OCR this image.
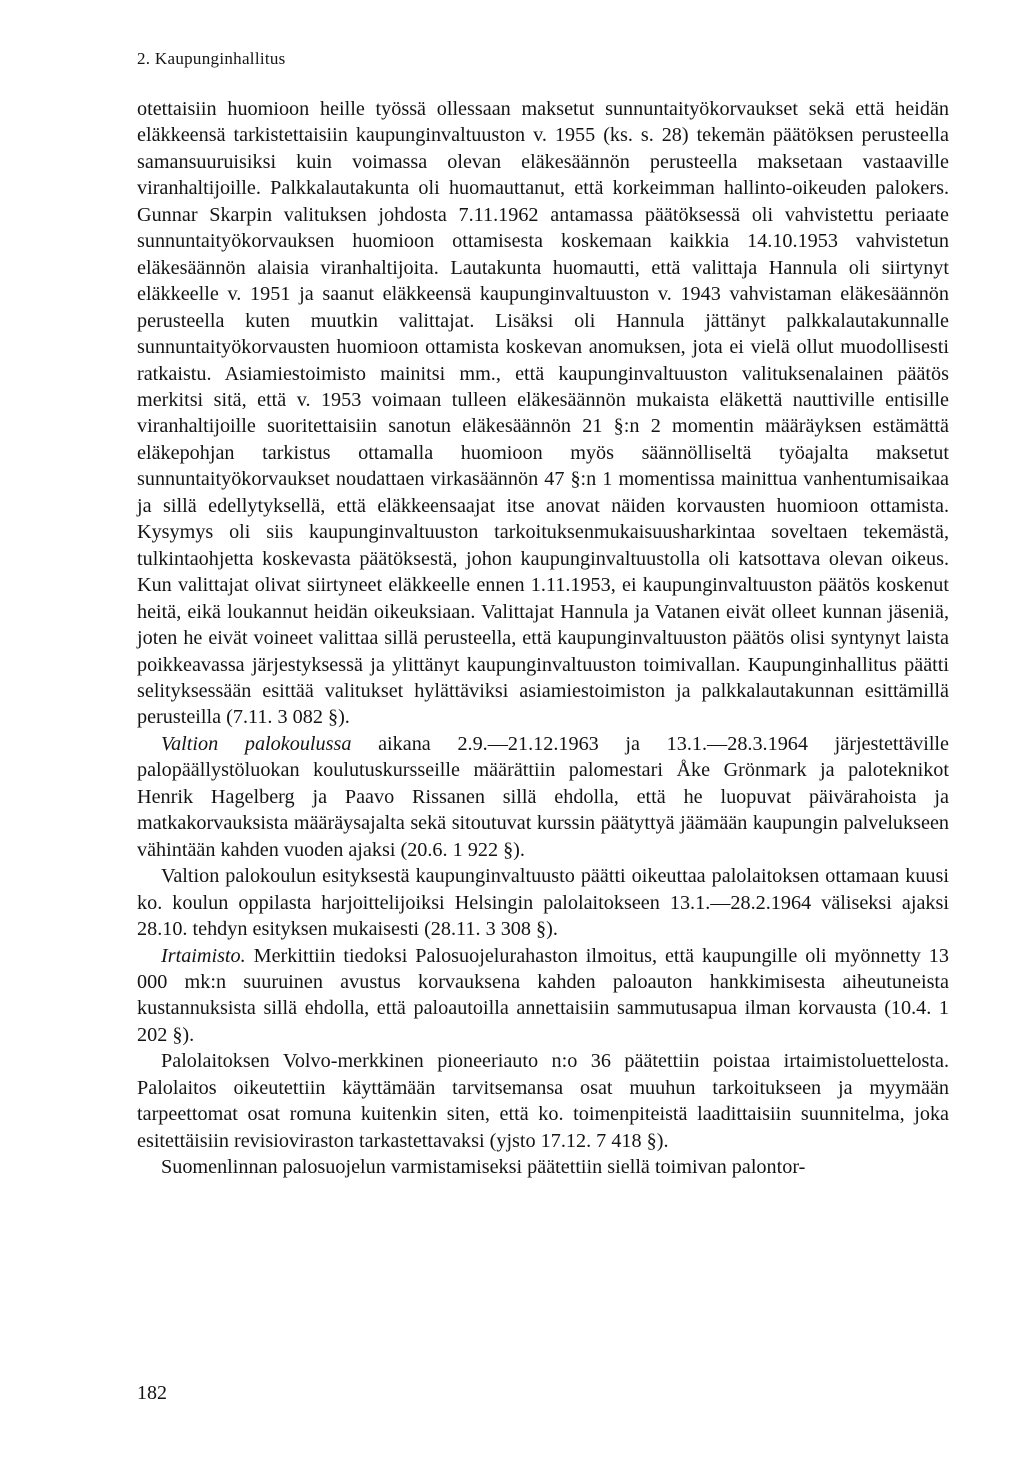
2. Kaupunginhallitus

otettaisiin huomioon heille työssä ollessaan maksetut sunnuntaityökorvaukset sekä että heidän eläkkeensä tarkistettaisiin kaupunginvaltuuston v. 1955 (ks. s. 28) tekemän päätöksen perusteella samansuuruisiksi kuin voimassa olevan eläkesäännön perusteella maksetaan vastaaville viranhaltijoille. Palkkalautakunta oli huomauttanut, että korkeimman hallinto-oikeuden palokers. Gunnar Skarpin valituksen johdosta 7.11.1962 antamassa päätöksessä oli vahvistettu periaate sunnuntaityökorvauksen huomioon ottamisesta koskemaan kaikkia 14.10.1953 vahvistetun eläkesäännön alaisia viranhaltijoita. Lautakunta huomautti, että valittaja Hannula oli siirtynyt eläkkeelle v. 1951 ja saanut eläkkeensä kaupunginvaltuuston v. 1943 vahvistaman eläkesäännön perusteella kuten muutkin valittajat. Lisäksi oli Hannula jättänyt palkkalautakunnalle sunnuntaityökorvausten huomioon ottamista koskevan anomuksen, jota ei vielä ollut muodollisesti ratkaistu. Asiamiestoimisto mainitsi mm., että kaupunginvaltuuston valituksenalainen päätös merkitsi sitä, että v. 1953 voimaan tulleen eläkesäännön mukaista eläkettä nauttiville entisille viranhaltijoille suoritettaisiin sanotun eläkesäännön 21 §:n 2 momentin määräyksen estämättä eläkepohjan tarkistus ottamalla huomioon myös säännölliseltä työajalta maksetut sunnuntaityökorvaukset noudattaen virkasäännön 47 §:n 1 momentissa mainittua vanhentumisaikaa ja sillä edellytyksellä, että eläkkeensaajat itse anovat näiden korvausten huomioon ottamista. Kysymys oli siis kaupunginvaltuuston tarkoituksenmukaisuusharkintaa soveltaen tekemästä, tulkintaohjetta koskevasta päätöksestä, johon kaupunginvaltuustolla oli katsottava olevan oikeus. Kun valittajat olivat siirtyneet eläkkeelle ennen 1.11.1953, ei kaupunginvaltuuston päätös koskenut heitä, eikä loukannut heidän oikeuksiaan. Valittajat Hannula ja Vatanen eivät olleet kunnan jäseniä, joten he eivät voineet valittaa sillä perusteella, että kaupunginvaltuuston päätös olisi syntynyt laista poikkeavassa järjestyksessä ja ylittänyt kaupunginvaltuuston toimivallan. Kaupunginhallitus päätti selityksessään esittää valitukset hylättäviksi asiamiestoimiston ja palkkalautakunnan esittämillä perusteilla (7.11. 3 082 §).

Valtion palokoulussa aikana 2.9.—21.12.1963 ja 13.1.—28.3.1964 järjestettäville palopäällystöluokan koulutuskursseille määrättiin palomestari Åke Grönmark ja paloteknikot Henrik Hagelberg ja Paavo Rissanen sillä ehdolla, että he luopuvat päivärahoista ja matkakorvauksista määräysajalta sekä sitoutuvat kurssin päätyttyä jäämään kaupungin palvelukseen vähintään kahden vuoden ajaksi (20.6. 1 922 §).

Valtion palokoulun esityksestä kaupunginvaltuusto päätti oikeuttaa palolaitoksen ottamaan kuusi ko. koulun oppilasta harjoittelijoiksi Helsingin palolaitokseen 13.1.—28.2.1964 väliseksi ajaksi 28.10. tehdyn esityksen mukaisesti (28.11. 3 308 §).

Irtaimisto. Merkittiin tiedoksi Palosuojelurahaston ilmoitus, että kaupungille oli myönnetty 13 000 mk:n suuruinen avustus korvauksena kahden paloauton hankkimisesta aiheutuneista kustannuksista sillä ehdolla, että paloautoilla annettaisiin sammutusapua ilman korvausta (10.4. 1 202 §).

Palolaitoksen Volvo-merkkinen pioneeriauto n:o 36 päätettiin poistaa irtaimistoluettelosta. Palolaitos oikeutettiin käyttämään tarvitsemansa osat muuhun tarkoitukseen ja myymään tarpeettomat osat romuna kuitenkin siten, että ko. toimenpiteistä laadittaisiin suunnitelma, joka esitettäisiin revisioviraston tarkastettavaksi (yjsto 17.12. 7 418 §).

Suomenlinnan palosuojelun varmistamiseksi päätettiin siellä toimivan palontor-

182
